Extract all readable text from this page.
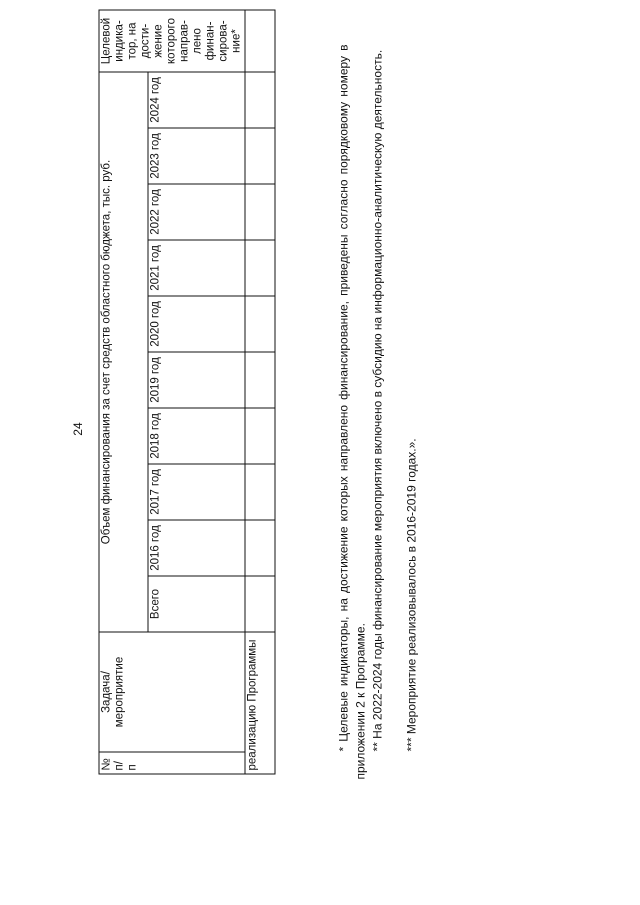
24
№ п/п	Задача/ мероприятие	Объем финансирования за счет средств областного бюджета, тыс. руб.										Целевой индика-тор, на дости-жение которого направ-лено финан-сирова-ние*
		Всего	2016 год	2017 год	2018 год	2019 год	2020 год	2021 год	2022 год	2023 год	2024 год	
реализацию Программы													* Целевые индикаторы, на достижение которых направлено финансирование, приведены согласно порядковому номеру в приложении 2 к Программе. ** На 2022-2024 годы финансирование мероприятия включено в субсидию на информационно-аналитическую деятельность. *** Мероприятие реализовывалось в 2016-2019 годах.».
